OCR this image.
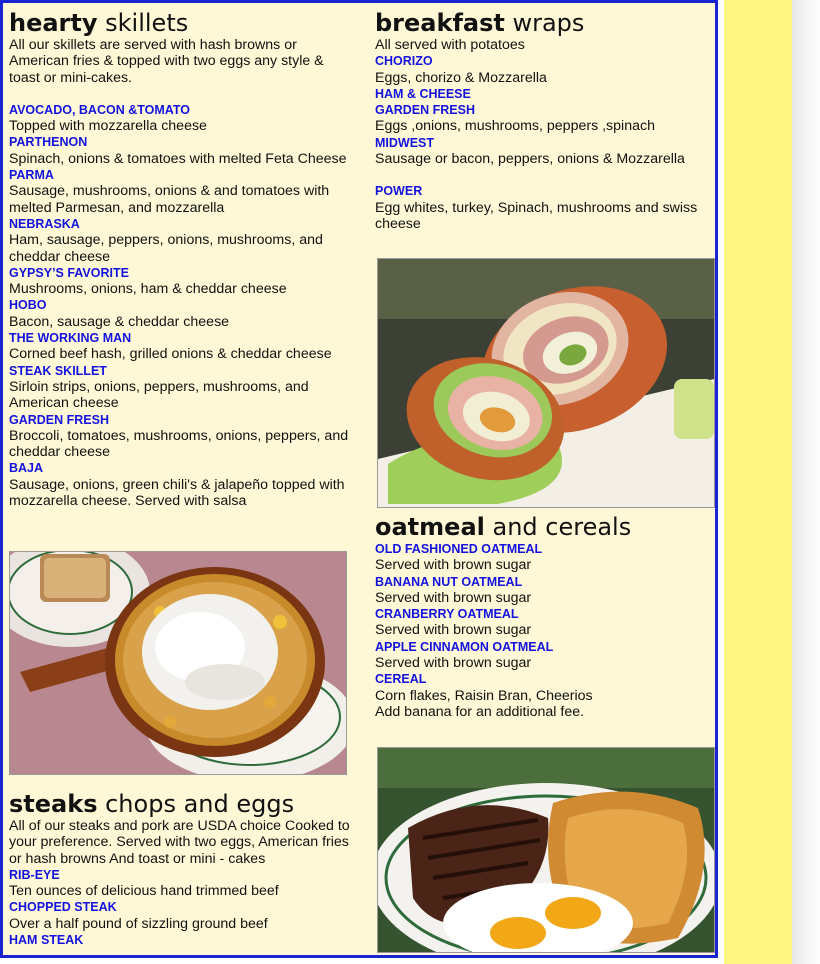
hearty skillets

All our skillets are served with hash browns or American fries & topped with two eggs any style & toast or mini-cakes.

AVOCADO, BACON &TOMATO

Topped with mozzarella cheese

PARTHENON

Spinach, onions & tomatoes with melted Feta Cheese

PARMA

Sausage, mushrooms, onions & and tomatoes with melted Parmesan, and mozzarella

NEBRASKA

Ham, sausage, peppers, onions, mushrooms, and cheddar cheese

GYPSY’S FAVORITE

Mushrooms, onions, ham & cheddar cheese

HOBO

Bacon, sausage & cheddar cheese

THE WORKING MAN

Corned beef hash, grilled onions & cheddar cheese

STEAK SKILLET

Sirloin strips, onions, peppers, mushrooms, and American cheese

GARDEN FRESH

Broccoli, tomatoes, mushrooms, onions, peppers, and cheddar cheese

BAJA

Sausage, onions, green chili's & jalapeño topped with mozzarella cheese. Served with salsa

steaks chops and eggs

All of our steaks and pork are USDA choice Cooked to your preference. Served with two eggs, American fries or hash browns And toast or mini - cakes

RIB-EYE

Ten ounces of delicious hand trimmed beef

CHOPPED STEAK

Over a half pound of sizzling ground beef

HAM STEAK

breakfast wraps

All served with potatoes

CHORIZO

Eggs, chorizo & Mozzarella

HAM & CHEESE

GARDEN FRESH

Eggs ,onions, mushrooms, peppers ,spinach

MIDWEST

Sausage or bacon, peppers, onions & Mozzarella

POWER

Egg whites, turkey, Spinach, mushrooms and swiss cheese

oatmeal and cereals

OLD FASHIONED OATMEAL

Served with brown sugar

BANANA NUT OATMEAL

Served with brown sugar

CRANBERRY OATMEAL

Served with brown sugar

APPLE CINNAMON OATMEAL

Served with brown sugar

CEREAL

Corn flakes, Raisin Bran, Cheerios

Add banana for an additional fee.
